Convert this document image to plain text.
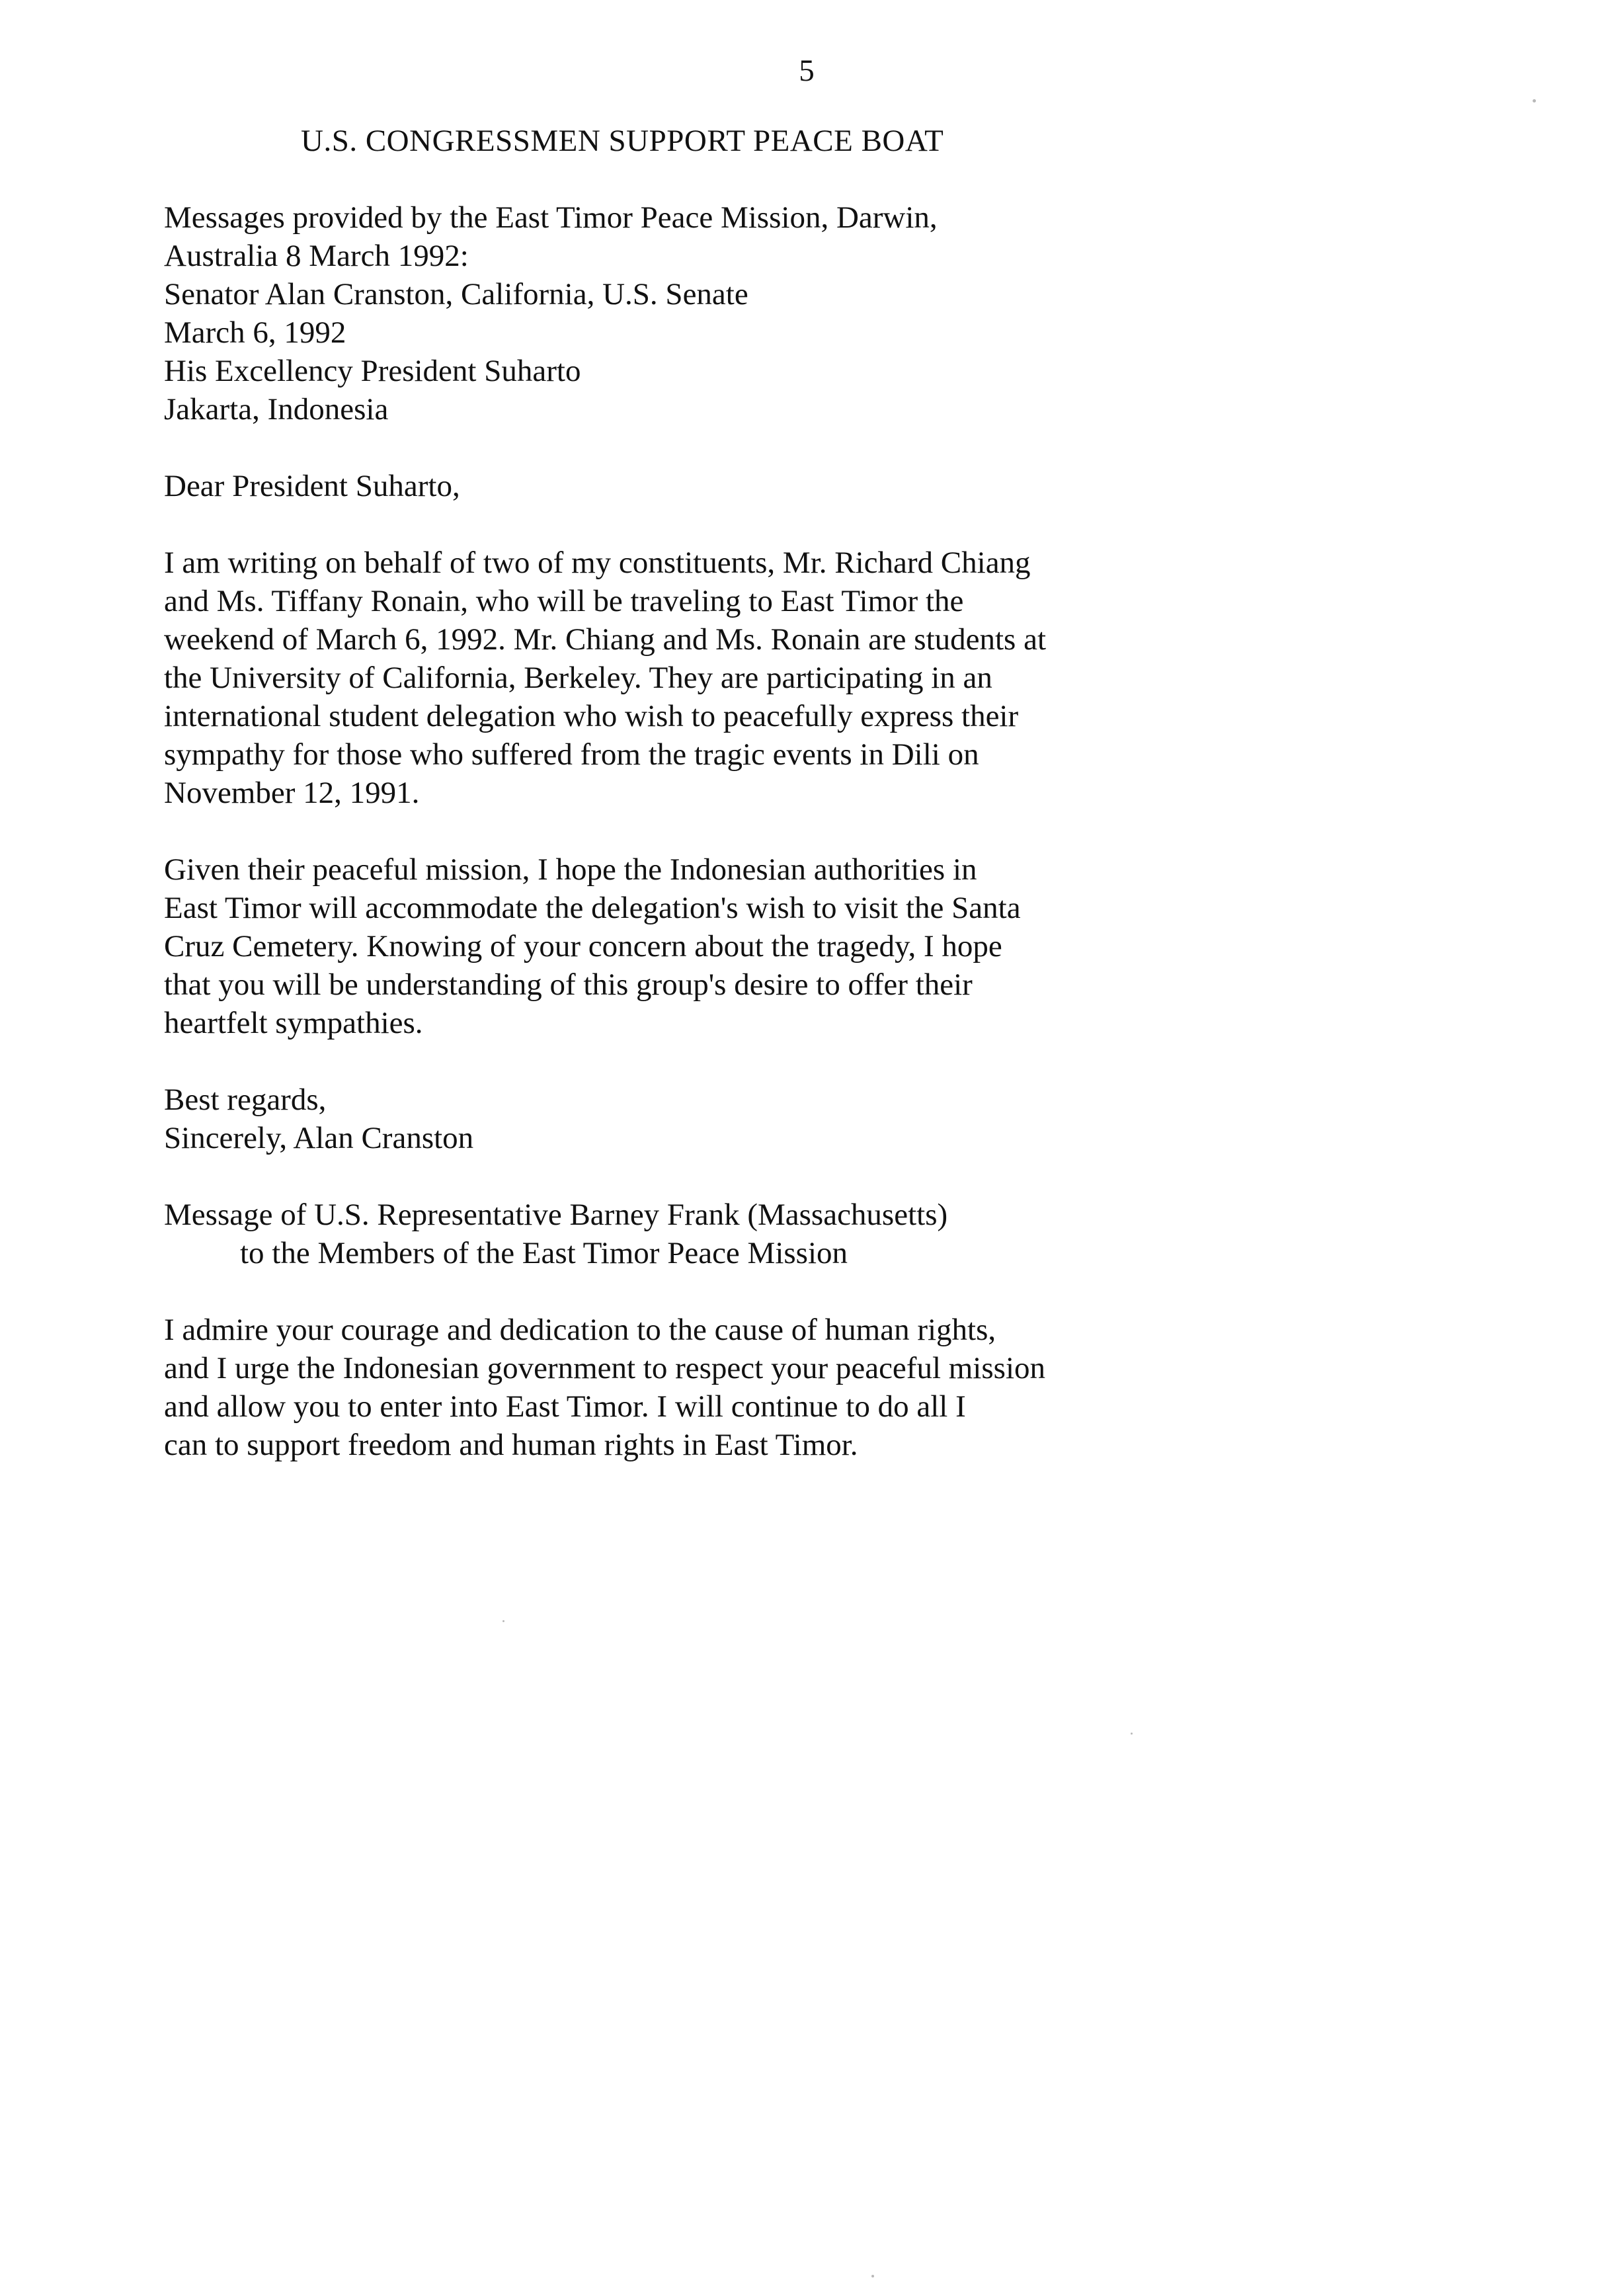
5
U.S. CONGRESSMEN SUPPORT PEACE BOAT
Messages provided by the East Timor Peace Mission, Darwin,
Australia 8 March 1992:
Senator Alan Cranston, California, U.S. Senate
March 6, 1992
His Excellency President Suharto
Jakarta, Indonesia
Dear President Suharto,
I am writing on behalf of two of my constituents, Mr. Richard Chiang
and Ms. Tiffany Ronain, who will be traveling to East Timor the
weekend of March 6, 1992. Mr. Chiang and Ms. Ronain are students at
the University of California, Berkeley. They are participating in an
international student delegation who wish to peacefully express their
sympathy for those who suffered from the tragic events in Dili on
November 12, 1991.
Given their peaceful mission, I hope the Indonesian authorities in
East Timor will accommodate the delegation's wish to visit the Santa
Cruz Cemetery. Knowing of your concern about the tragedy, I hope
that you will be understanding of this group's desire to offer their
heartfelt sympathies.
Best regards,
Sincerely, Alan Cranston
Message of U.S. Representative Barney Frank (Massachusetts)
to the Members of the East Timor Peace Mission
I admire your courage and dedication to the cause of human rights,
and I urge the Indonesian government to respect your peaceful mission
and allow you to enter into East Timor. I will continue to do all I
can to support freedom and human rights in East Timor.
